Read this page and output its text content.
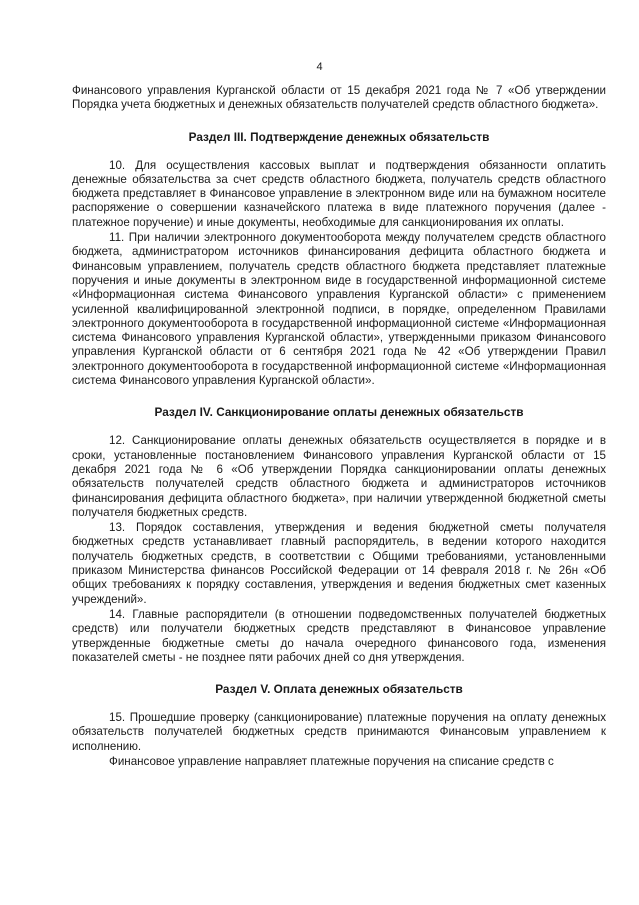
4

Финансового управления Курганской области от 15 декабря 2021 года № 7 «Об утверждении Порядка учета бюджетных и денежных обязательств получателей средств областного бюджета».

Раздел III. Подтверждение денежных обязательств

10. Для осуществления кассовых выплат и подтверждения обязанности оплатить денежные обязательства за счет средств областного бюджета, получатель средств областного бюджета представляет в Финансовое управление в электронном виде или на бумажном носителе распоряжение о совершении казначейского платежа в виде платежного поручения (далее - платежное поручение) и иные документы, необходимые для санкционирования их оплаты.

11. При наличии электронного документооборота между получателем средств областного бюджета, администратором источников финансирования дефицита областного бюджета и Финансовым управлением, получатель средств областного бюджета представляет платежные поручения и иные документы в электронном виде в государственной информационной системе «Информационная система Финансового управления Курганской области» с применением усиленной квалифицированной электронной подписи, в порядке, определенном Правилами электронного документооборота в государственной информационной системе «Информационная система Финансового управления Курганской области», утвержденными приказом Финансового управления Курганской области от 6 сентября 2021 года № 42 «Об утверждении Правил электронного документооборота в государственной информационной системе «Информационная система Финансового управления Курганской области».

Раздел IV. Санкционирование оплаты денежных обязательств

12. Санкционирование оплаты денежных обязательств осуществляется в порядке и в сроки, установленные постановлением Финансового управления Курганской области от 15 декабря 2021 года № 6 «Об утверждении Порядка санкционировании оплаты денежных обязательств получателей средств областного бюджета и администраторов источников финансирования дефицита областного бюджета», при наличии утвержденной бюджетной сметы получателя бюджетных средств.

13. Порядок составления, утверждения и ведения бюджетной сметы получателя бюджетных средств устанавливает главный распорядитель, в ведении которого находится получатель бюджетных средств, в соответствии с Общими требованиями, установленными приказом Министерства финансов Российской Федерации от 14 февраля 2018 г. № 26н «Об общих требованиях к порядку составления, утверждения и ведения бюджетных смет казенных учреждений».

14. Главные распорядители (в отношении подведомственных получателей бюджетных средств) или получатели бюджетных средств представляют в Финансовое управление утвержденные бюджетные сметы до начала очередного финансового года, изменения показателей сметы - не позднее пяти рабочих дней со дня утверждения.

Раздел V. Оплата денежных обязательств

15. Прошедшие проверку (санкционирование) платежные поручения на оплату денежных обязательств получателей бюджетных средств принимаются Финансовым управлением к исполнению.

Финансовое управление направляет платежные поручения на списание средств с
